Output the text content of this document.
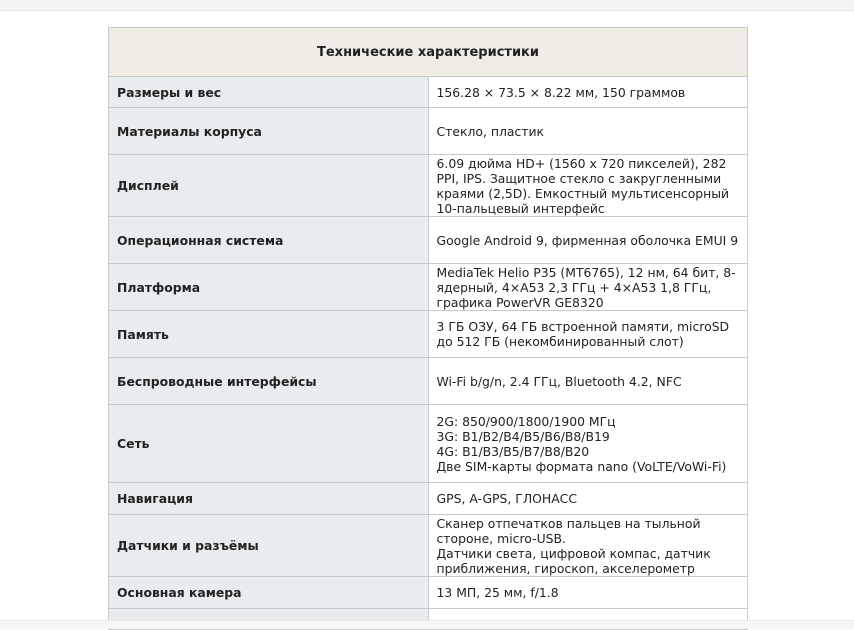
Технические характеристики	
Размеры и вес	156.28 × 73.5 × 8.22 мм, 150 граммов

Материалы корпуса	Стекло, пластик

Дисплей	6.09 дюйма HD+ (1560 x 720 пикселей), 282 PPI, IPS. Защитное стекло с закругленными краями (2,5D). Емкостный мультисенсорный 10-пальцевый интерфейс

Операционная система	Google Android 9, фирменная оболочка EMUI 9

Платформа	MediaTek Helio P35 (MT6765), 12 нм, 64 бит, 8-ядерный, 4×A53 2,3 ГГц + 4×A53 1,8 ГГц, графика PowerVR GE8320

Память	3 ГБ ОЗУ, 64 ГБ встроенной памяти, microSD до 512 ГБ (некомбинированный слот)

Беспроводные интерфейсы	Wi-Fi b/g/n, 2.4 ГГц, Bluetooth 4.2, NFC

Сеть	2G: 850/900/1800/1900 МГц
3G: B1/B2/B4/B5/B6/B8/B19
4G: B1/B3/B5/B7/B8/B20
Две SIM-карты формата nano (VoLTE/VoWi-Fi)

Навигация	GPS, A-GPS, ГЛОНАСС

Датчики и разъёмы	Сканер отпечатков пальцев на тыльной стороне, micro-USB.
Датчики света, цифровой компас, датчик приближения, гироскоп, акселерометр

Основная камера	13 МП, 25 мм, f/1.8
